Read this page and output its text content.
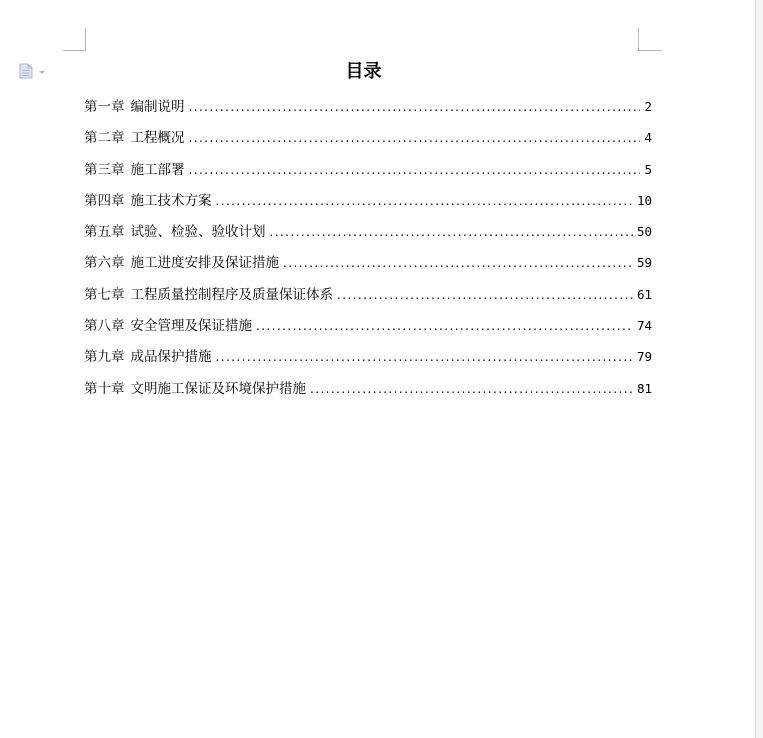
目录
第一章 编制说明 . . .	2
第二章 工程概况 . . .	4
第三章 施工部署 . . .	5
第四章 施工技术方案 . . .	10
第五章 试验、检验、验收计划 . . .	50
第六章 施工进度安排及保证措施 . . .	59
第七章 工程质量控制程序及质量保证体系 . . .	61
第八章 安全管理及保证措施 . . .	74
第九章 成品保护措施 . . .	79
第十章 文明施工保证及环境保护措施 . . .	81
